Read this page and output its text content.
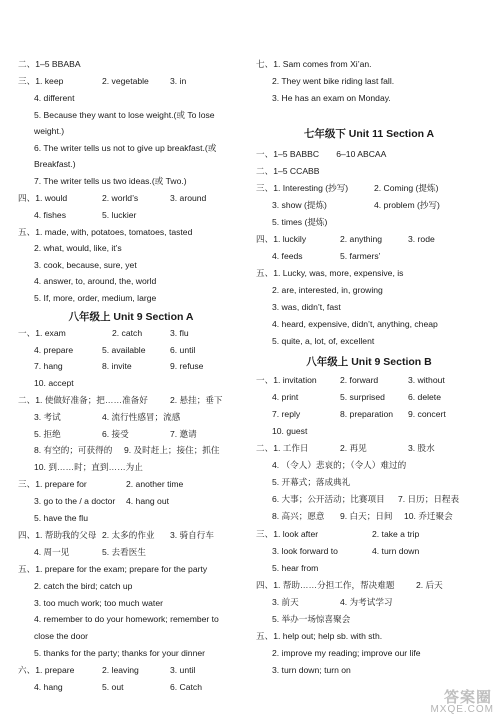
二、1–5 BBABA
三、1. keep	2. vegetable 3. in
4. different
5. Because they want to lose weight.(或 To lose
weight.)
6. The writer tells us not to give up breakfast.(或
Breakfast.)
7. The writer tells us two ideas.(或 Two.)
四、1. would	2. world’s	3. around
4. fishes	5. luckier
五、1. made, with, potatoes, tomatoes, tasted
2. what, would, like, it’s
3. cook, because, sure, yet
4. answer, to, around, the, world
5. If, more, order, medium, large
八年级上 Unit 9 Section A
一、1. exam	2. catch	3. flu
4. prepare	5. available	6. until
7. hang	8. invite	9. refuse
10. accept
二、1. 使做好准备；把……准备好	2. 悬挂；垂下
3. 考试	4. 流行性感冒；流感
5. 拒绝	6. 接受	7. 邀请
8. 有空的；可获得的 9. 及时赶上；接住；抓住
10. 到……时；直到……为止
三、1. prepare for	2. another time
3. go to the / a doctor 4. hang out
5. have the flu
四、1. 帮助我的父母 2. 太多的作业 3. 骑自行车
4. 周一见	5. 去看医生
五、1. prepare for the exam; prepare for the party
2. catch the bird; catch up
3. too much work; too much water
4. remember to do your homework; remember to
close the door
5. thanks for the party; thanks for your dinner
六、1. prepare	2. leaving	3. until
4. hang	5. out	6. Catch
七、1. Sam comes from Xi’an.
2. They went bike riding last fall.
3. He has an exam on Monday.
七年级下 Unit 11 Section A
一、1–5 BABBC　　6–10 ABCAA
二、1–5 CCABB
三、1. Interesting (抄写)	2. Coming (提炼)
3. show (提炼)	4. problem (抄写)
5. times (提炼)
四、1. luckily	2. anything	3. rode
4. feeds	5. farmers’
五、1. Lucky, was, more, expensive, is
2. are, interested, in, growing
3. was, didn’t, fast
4. heard, expensive, didn’t, anything, cheap
5. quite, a, lot, of, excellent
八年级上 Unit 9 Section B
一、1. invitation	2. forward	3. without
4. print	5. surprised	6. delete
7. reply	8. preparation 9. concert
10. guest
二、1. 工作日	2. 再见	3. 股水
4. （令人）悲哀的；（令人）难过的
5. 开幕式；落成典礼
6. 大事；公开活动；比赛项目 7. 日历；日程表
8. 高兴；愿意 9. 白天；日间 10. 乔迁聚会
三、1. look after	2. take a trip
3. look forward to	4. turn down
5. hear from
四、1. 帮助……分担工作，帮决难题	2. 后天
3. 前天	4. 为考试学习
5. 举办一场惊喜聚会
五、1. help out; help sb. with sth.
2. improve my reading; improve our life
3. turn down; turn on
答案圈
MXQE.COM
